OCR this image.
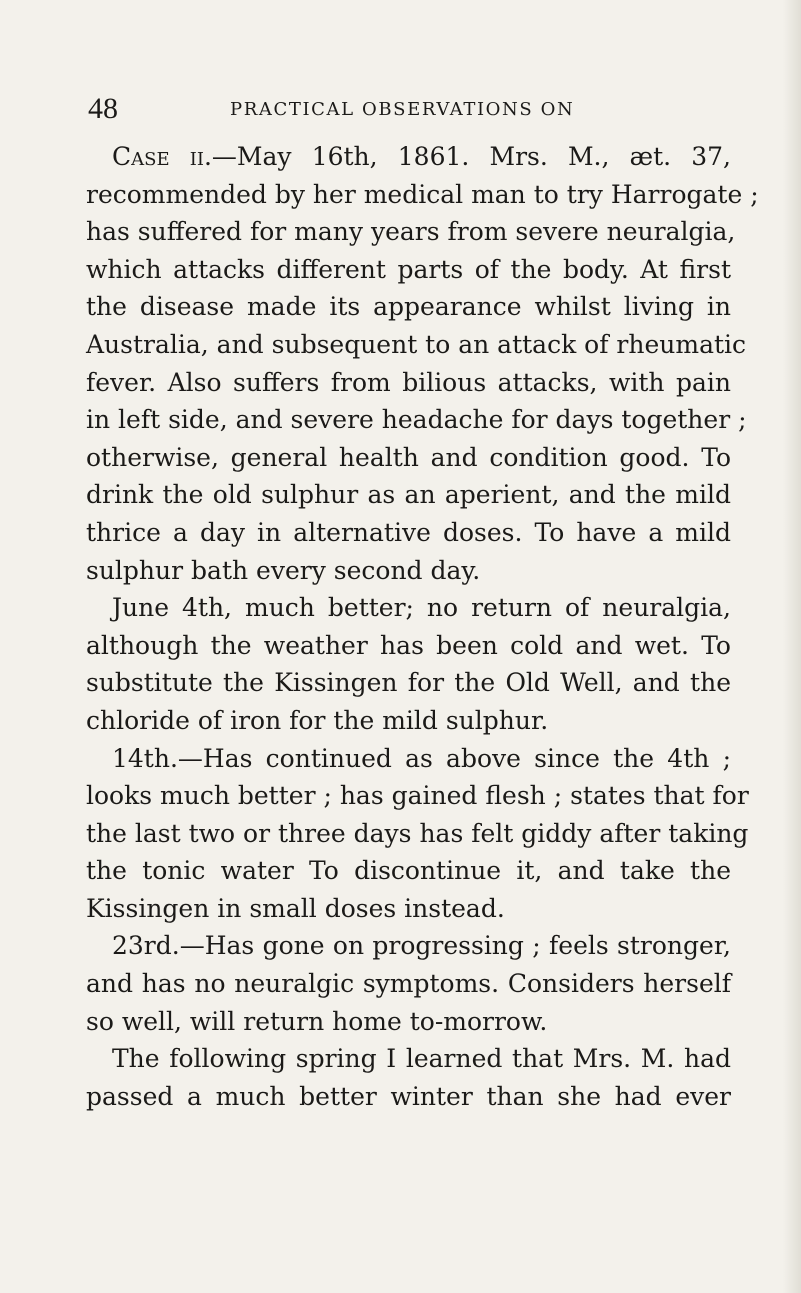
48	PRACTICAL OBSERVATIONS ON
Case ii.—May 16th, 1861. Mrs. M., æt. 37,
recommended by her medical man to try Harrogate ;
has suffered for many years from severe neuralgia,
which attacks different parts of the body. At first
the disease made its appearance whilst living in
Australia, and subsequent to an attack of rheumatic
fever. Also suffers from bilious attacks, with pain
in left side, and severe headache for days together ;
otherwise, general health and condition good. To
drink the old sulphur as an aperient, and the mild
thrice a day in alternative doses. To have a mild
sulphur bath every second day.
June 4th, much better; no return of neuralgia,
although the weather has been cold and wet. To
substitute the Kissingen for the Old Well, and the
chloride of iron for the mild sulphur.
14th.—Has continued as above since the 4th ;
looks much better ; has gained flesh ; states that for
the last two or three days has felt giddy after taking
the tonic water To discontinue it, and take the
Kissingen in small doses instead.
23rd.—Has gone on progressing ; feels stronger,
and has no neuralgic symptoms. Considers herself
so well, will return home to-morrow.
The following spring I learned that Mrs. M. had
passed a much better winter than she had ever
